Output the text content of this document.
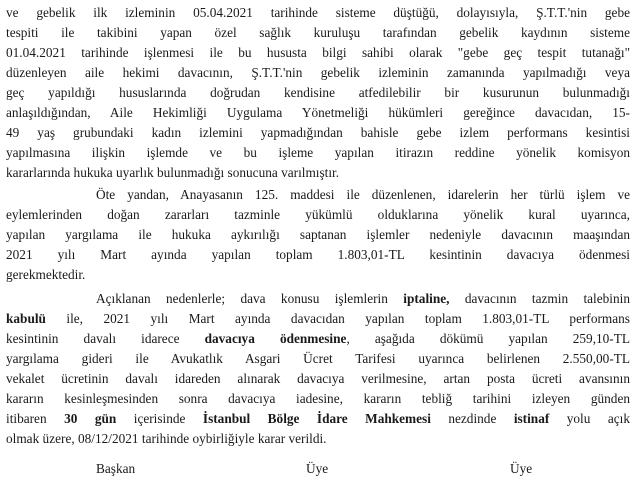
ve gebelik ilk izleminin 05.04.2021 tarihinde sisteme düştüğü, dolayısıyla, Ş.T.T.'nin gebe
tespiti ile takibini yapan özel sağlık kuruluşu tarafından gebelik kaydının sisteme
01.04.2021 tarihinde işlenmesi ile bu hususta bilgi sahibi olarak "gebe geç tespit tutanağı"
düzenleyen aile hekimi davacının, Ş.T.T.'nin gebelik izleminin zamanında yapılmadığı veya
geç yapıldığı hususlarında doğrudan kendisine atfedilebilir bir kusurunun bulunmadığı
anlaşıldığından, Aile Hekimliği Uygulama Yönetmeliği hükümleri gereğince davacıdan, 15-
49 yaş grubundaki kadın izlemini yapmadığından bahisle gebe izlem performans kesintisi
yapılmasına ilişkin işlemde ve bu işleme yapılan itirazın reddine yönelik komisyon
kararlarında hukuka uyarlık bulunmadığı sonucuna varılmıştır.
Öte yandan, Anayasanın 125. maddesi ile düzenlenen, idarelerin her türlü işlem ve
eylemlerinden doğan zararları tazminle yükümlü olduklarına yönelik kural uyarınca,
yapılan yargılama ile hukuka aykırılığı saptanan işlemler nedeniyle davacının maaşından
2021 yılı Mart ayında yapılan toplam 1.803,01-TL kesintinin davacıya ödenmesi
gerekmektedir.
Açıklanan nedenlerle; dava konusu işlemlerin iptaline, davacının tazmin talebinin
kabulü ile, 2021 yılı Mart ayında davacıdan yapılan toplam 1.803,01-TL performans
kesintinin davalı idarece davacıya ödenmesine, aşağıda dökümü yapılan 259,10-TL
yargılama gideri ile Avukatlık Asgari Ücret Tarifesi uyarınca belirlenen 2.550,00-TL
vekalet ücretinin davalı idareden alınarak davacıya verilmesine, artan posta ücreti avansının
kararın kesinleşmesinden sonra davacıya iadesine, kararın tebliğ tarihini izleyen günden
itibaren 30 gün içerisinde İstanbul Bölge İdare Mahkemesi nezdinde istinaf yolu açık
olmak üzere, 08/12/2021 tarihinde oybirliğiyle karar verildi.
Başkan	Üye	Üye
